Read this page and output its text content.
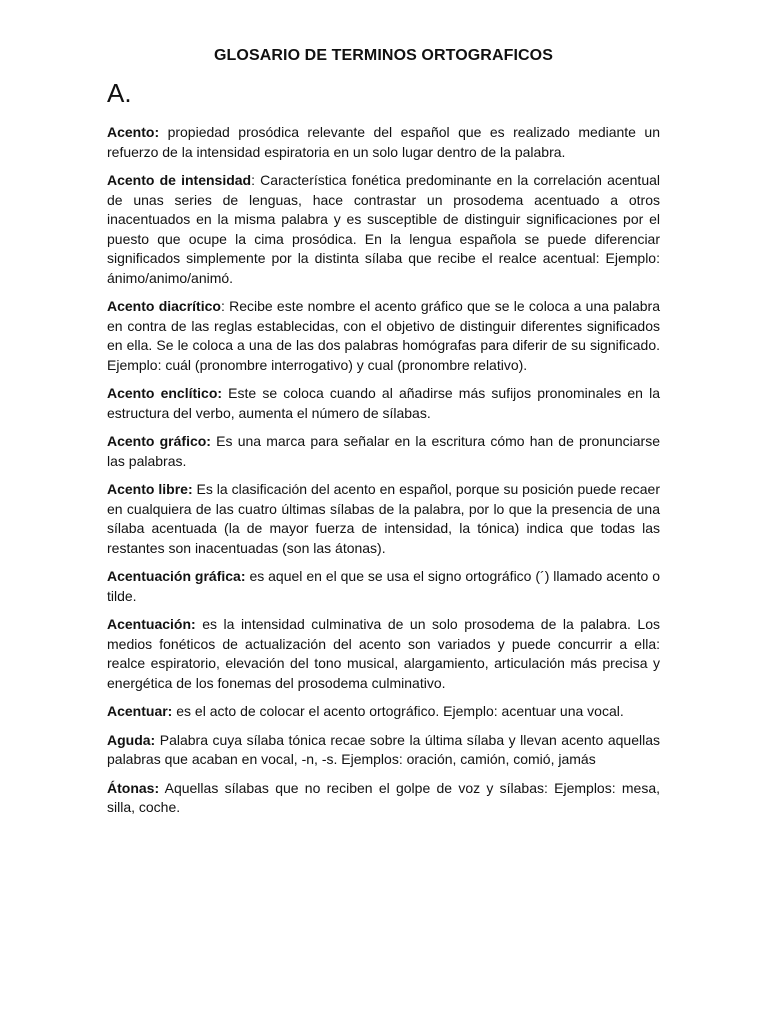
GLOSARIO DE TERMINOS ORTOGRAFICOS
A.

Acento: propiedad prosódica relevante del español que es realizado mediante un refuerzo de la intensidad espiratoria en un solo lugar dentro de la palabra.

Acento de intensidad: Característica fonética predominante en la correlación acentual de unas series de lenguas, hace contrastar un prosodema acentuado a otros inacentuados en la misma palabra y es susceptible de distinguir significaciones por el puesto que ocupe la cima prosódica. En la lengua española se puede diferenciar significados simplemente por la distinta sílaba que recibe el realce acentual: Ejemplo: ánimo/animo/animó.

Acento diacrítico: Recibe este nombre el acento gráfico que se le coloca a una palabra en contra de las reglas establecidas, con el objetivo de distinguir diferentes significados en ella. Se le coloca a una de las dos palabras homógrafas para diferir de su significado. Ejemplo: cuál (pronombre interrogativo) y cual (pronombre relativo).

Acento enclítico: Este se coloca cuando al añadirse más sufijos pronominales en la estructura del verbo, aumenta el número de sílabas.

Acento gráfico: Es una marca para señalar en la escritura cómo han de pronunciarse las palabras.

Acento libre: Es la clasificación del acento en español, porque su posición puede recaer en cualquiera de las cuatro últimas sílabas de la palabra, por lo que la presencia de una sílaba acentuada (la de mayor fuerza de intensidad, la tónica) indica que todas las restantes son inacentuadas (son las átonas).

Acentuación gráfica: es aquel en el que se usa el signo ortográfico (´) llamado acento o tilde.

Acentuación: es la intensidad culminativa de un solo prosodema de la palabra. Los medios fonéticos de actualización del acento son variados y puede concurrir a ella: realce espiratorio, elevación del tono musical, alargamiento, articulación más precisa y energética de los fonemas del prosodema culminativo.

Acentuar: es el acto de colocar el acento ortográfico. Ejemplo: acentuar una vocal.

Aguda: Palabra cuya sílaba tónica recae sobre la última sílaba y llevan acento aquellas palabras que acaban en vocal, -n, -s. Ejemplos: oración, camión, comió, jamás

Átonas: Aquellas sílabas que no reciben el golpe de voz y sílabas: Ejemplos: mesa, silla, coche.
